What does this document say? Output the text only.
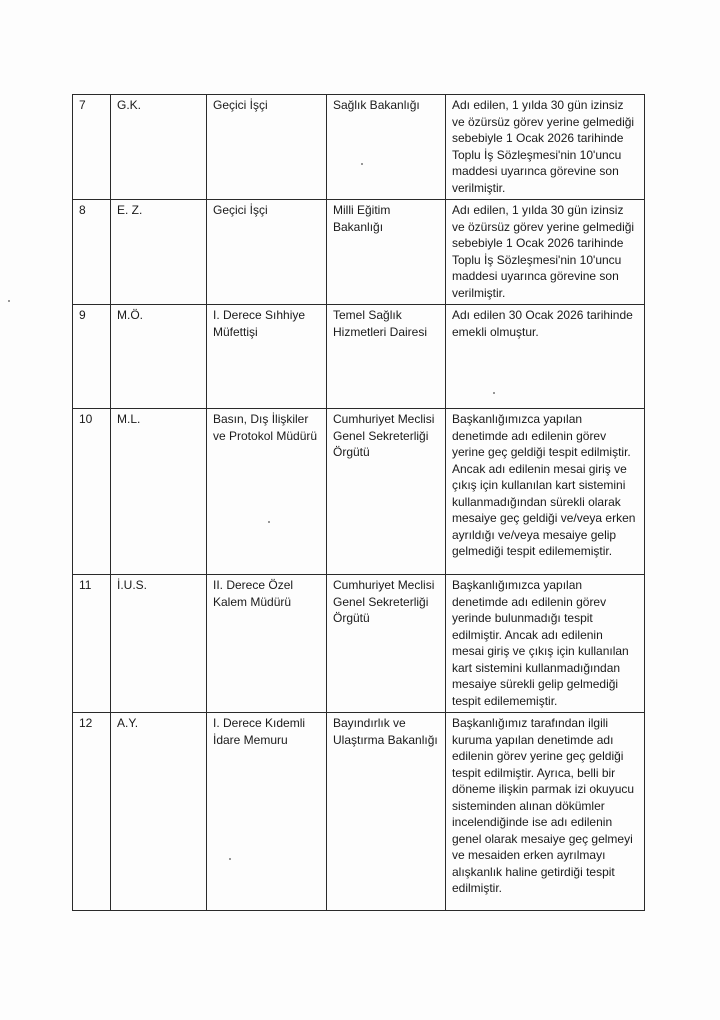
7	G.K.	Geçici İşçi	Sağlık Bakanlığı	Adı edilen, 1 yılda 30 gün izinsiz ve özürsüz görev yerine gelmediği sebebiyle 1 Ocak 2026 tarihinde Toplu İş Sözleşmesi'nin 10'uncu maddesi uyarınca görevine son verilmiştir.
8	E. Z.	Geçici İşçi	Milli Eğitim Bakanlığı	Adı edilen, 1 yılda 30 gün izinsiz ve özürsüz görev yerine gelmediği sebebiyle 1 Ocak 2026 tarihinde Toplu İş Sözleşmesi'nin 10'uncu maddesi uyarınca görevine son verilmiştir.
9	M.Ö.	I. Derece Sıhhiye Müfettişi	Temel Sağlık Hizmetleri Dairesi	Adı edilen 30 Ocak 2026 tarihinde emekli olmuştur.
10	M.L.	Basın, Dış İlişkiler ve Protokol Müdürü	Cumhuriyet Meclisi Genel Sekreterliği Örgütü	Başkanlığımızca yapılan denetimde adı edilenin görev yerine geç geldiği tespit edilmiştir. Ancak adı edilenin mesai giriş ve çıkış için kullanılan kart sistemini kullanmadığından sürekli olarak mesaiye geç geldiği ve/veya erken ayrıldığı ve/veya mesaiye gelip gelmediği tespit edilememiştir.
11	İ.U.S.	II. Derece Özel Kalem Müdürü	Cumhuriyet Meclisi Genel Sekreterliği Örgütü	Başkanlığımızca yapılan denetimde adı edilenin görev yerinde bulunmadığı tespit edilmiştir. Ancak adı edilenin mesai giriş ve çıkış için kullanılan kart sistemini kullanmadığından mesaiye sürekli gelip gelmediği tespit edilememiştir.
12	A.Y.	I. Derece Kıdemli İdare Memuru	Bayındırlık ve Ulaştırma Bakanlığı	Başkanlığımız tarafından ilgili kuruma yapılan denetimde adı edilenin görev yerine geç geldiği tespit edilmiştir. Ayrıca, belli bir döneme ilişkin parmak izi okuyucu sisteminden alınan dökümler incelendiğinde ise adı edilenin genel olarak mesaiye geç gelmeyi ve mesaiden erken ayrılmayı alışkanlık haline getirdiği tespit edilmiştir.
